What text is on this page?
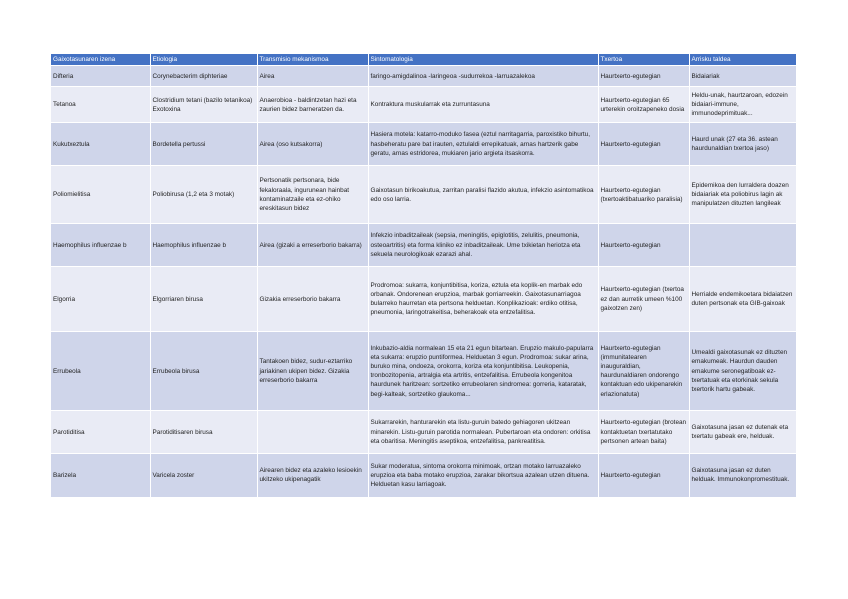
Gaixotasunaren izena	Etiologia	Transmisio mekanismoa	Sintomatologia	Txertoa	Arrisku taldea
Difteria	Corynebacterim diphteriae	Airea	faringo-amigdalinoa -laringeoa -sudurrekoa -larruazalekoa	Haurtxerto-egutegian	Bidaiariak
Tetanoa	Clostridium tetani (bazilo tetanikoa) Exotoxina	Anaerobioa - baldintzetan hazi eta zaurien bidez barneratzen da.	Kontraktura muskularrak eta zurruntasuna	Haurtxerto-egutegian 65 urterekin oroitzapeneko dosia	Heldu-unak, haurtzaroan, edozein bidaiari-immune, immunodeprimituak...
Kukutxeztula	Bordetella pertussi	Airea (oso kutsakorra)	Hasiera motela: katarro-moduko fasea (eztul narritagarria, paroxistiko bihurtu, hasbeheratu pare bat irauten, eztulaldi errepikatuak, arnas hartzerik gabe geratu, arnas estridorea, mukiaren jario argieta itsaskorra.	Haurtxerto-egutegian	Haurd unak (27 eta 36. astean haurdunaldian txertoa jaso)
Poliomielitisa	Poliobirusa (1,2 eta 3 motak)	Pertsonatik pertsonara, bide fekaloraala, ingurunean hainbat kontaminatzaile eta ez-ohiko ereskitasun bidez	Gaixotasun birikoakutua, zarritan paralisi flazido akutua, infekzio asintomatikoa edo oso larria.	Haurtxerto-egutegian (txertoaktibatuariko paralisia)	Epidemikoa den lurraldera doazen bidaiariak eta poliobirus lagin ak manipulatzen dituzten langileak
Haemophilus influenzae b	Haemophilus influenzae b	Airea (gizaki a erreserborio bakarra)	Infekzio inbaditzaileak (sepsia, meningitis, epiglotitis, zelulitis, pneumonia, osteoartritis) eta forma kliniko ez inbaditzaileak. Ume txikietan heriotza eta sekuela neurologikoak ezarazi ahal.	Haurtxerto-egutegian	
Elgorria	Elgorriaren birusa	Gizakia erreserborio bakarra	Prodromoa: sukarra, konjuntibitisa, koriza, eztula eta koplik-en marbak edo orbanak. Ondorenean erupzioa, marbak gorriarreekin. Gaixotasunarriagoa bularreko haurretan eta pertsona helduetan. Konplikazioak: erdiko otitisa, pneumonia, laringotrakeitisa, beherakoak eta entzefalitisa.	Haurtxerto-egutegian (txertoa ez dan aurretik umeen %100 gaixotzen zen)	Herrialde endemikoetara bidaiatzen duten pertsonak eta GIB-gaixoak
Errubeola	Errubeola birusa	Tantakoen bidez, sudur-eztarriko jariakinen ukipen bidez. Gizakia erreserborio bakarra	Inkubazio-aldia normalean 15 eta 21 egun bitartean. Erupzio makulo-papularra eta sukarra: erupzio puntiformea. Helduetan 3 egun. Prodromoa: sukar arina, buruko mina, ondoeza, orokorra, koriza eta konjuntibitisa. Leukopenia, tronbozitopenia, artralgia eta artritis, entzefalitisa. Errubeola kongenitoa haurdunek haritzean: sortzetiko errubeolaren sindromea: gorreria, kataratak, begi-kalteak, sortzetiko glaukoma...	Haurtxerto-egutegian (immunitatearen inauguraldian, haurdunaldiaren ondorengo kontaktuan edo ukipenarekin erlazionatuta)	Umealdi gaixotasunak ez dituzten emakumeak. Haurdun dauden emakume seronegatiboak ez-txertatuak eta etorkinak sekula txertorik hartu gabeak.
Parotiditisa	Parotiditisaren birusa		Sukarrarekin, hanturarekin eta listu-guruin batedo gehiagoren ukitzean minarekin. Listu-guruin parotida normalean. Pubertaroan eta ondoren: orkitisa eta obaritisa. Meningitis aseptikoa, entzefalitisa, pankreatitisa.	Haurtxerto-egutegian (brotean kontaktuetan txertatutako pertsonen artean baita)	Gaixotasuna jasan ez dutenak eta txertatu gabeak ere, helduak.
Barizela	Varicela zoster	Airearen bidez eta azaleko lesioekin ukitzeko ukipenagatik	Sukar moderatua, sintoma orokorra minimoak, ortzan motako larruazaleko erupzioa eta baba motako erupzioa, zarakar bikortsua azalean utzen dituena. Helduetan kasu larriagoak.	Haurtxerto-egutegian	Gaixotasuna jasan ez duten helduak. Immunokonpromestituak.
